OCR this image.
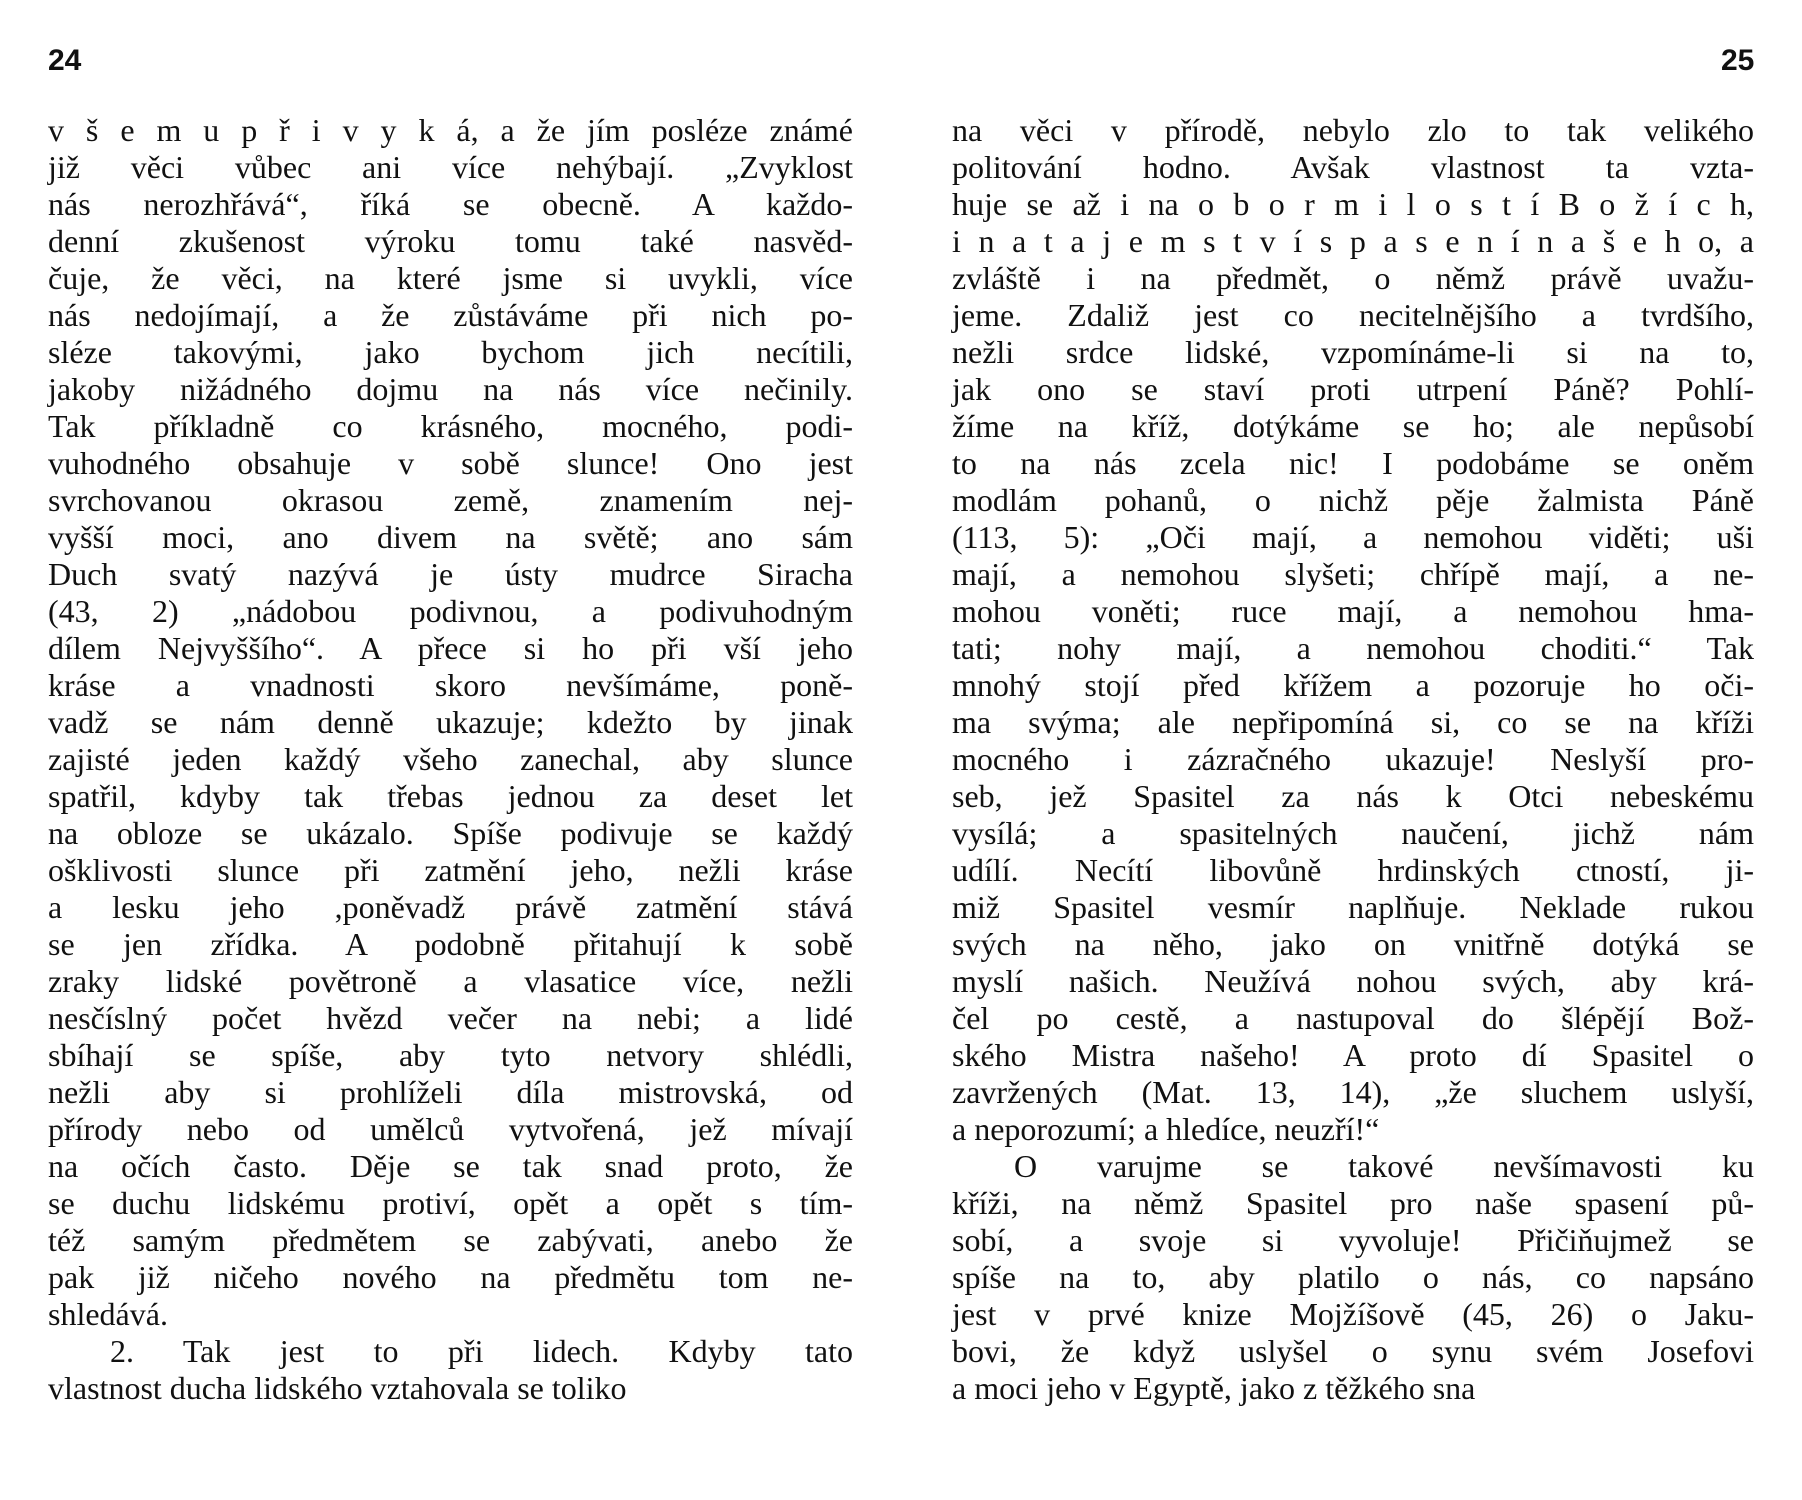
24	25
v š e m u p ř i v y k á, a že jím posléze známé
již věci vůbec ani více nehýbají. „Zvyklost
nás nerozhřává“, říká se obecně. A každo-
denní zkušenost výroku tomu také nasvěd-
čuje, že věci, na které jsme si uvykli, více
nás nedojímají, a že zůstáváme při nich po-
sléze takovými, jako bychom jich necítili,
jakoby nižádného dojmu na nás více nečinily.
Tak příkladně co krásného, mocného, podi-
vuhodného obsahuje v sobě slunce! Ono jest
svrchovanou okrasou země, znamením nej-
vyšší moci, ano divem na světě; ano sám
Duch svatý nazývá je ústy mudrce Siracha
(43, 2) „nádobou podivnou, a podivuhodným
dílem Nejvyššího“. A přece si ho při vší jeho
kráse a vnadnosti skoro nevšímáme, poně-
vadž se nám denně ukazuje; kdežto by jinak
zajisté jeden každý všeho zanechal, aby slunce
spatřil, kdyby tak třebas jednou za deset let
na obloze se ukázalo. Spíše podivuje se každý
ošklivosti slunce při zatmění jeho, nežli kráse
a lesku jeho ,poněvadž právě zatmění stává
se jen zřídka. A podobně přitahují k sobě
zraky lidské povětroně a vlasatice více, nežli
nesčíslný počet hvězd večer na nebi; a lidé
sbíhají se spíše, aby tyto netvory shlédli,
nežli aby si prohlíželi díla mistrovská, od
přírody nebo od umělců vytvořená, jež mívají
na očích často. Děje se tak snad proto, že
se duchu lidskému protiví, opět a opět s tím-
též samým předmětem se zabývati, anebo že
pak již ničeho nového na předmětu tom ne-
shledává.
2. Tak jest to při lidech. Kdyby tato
vlastnost ducha lidského vztahovala se toliko
na věci v přírodě, nebylo zlo to tak velikého
politování hodno. Avšak vlastnost ta vzta-
huje se až i na o b o r m i l o s t í B o ž í c h,
i n a t a j e m s t v í s p a s e n í n a š e h o, a
zvláště i na předmět, o němž právě uvažu-
jeme. Zdaliž jest co necitelnějšího a tvrdšího,
nežli srdce lidské, vzpomínáme-li si na to,
jak ono se staví proti utrpení Páně? Pohlí-
žíme na kříž, dotýkáme se ho; ale nepůsobí
to na nás zcela nic! I podobáme se oněm
modlám pohanů, o nichž pěje žalmista Páně
(113, 5): „Oči mají, a nemohou viděti; uši
mají, a nemohou slyšeti; chřípě mají, a ne-
mohou voněti; ruce mají, a nemohou hma-
tati; nohy mají, a nemohou choditi.“ Tak
mnohý stojí před křížem a pozoruje ho oči-
ma svýma; ale nepřipomíná si, co se na kříži
mocného i zázračného ukazuje! Neslyší pro-
seb, jež Spasitel za nás k Otci nebeskému
vysílá; a spasitelných naučení, jichž nám
udílí. Necítí libovůně hrdinských ctností, ji-
miž Spasitel vesmír naplňuje. Neklade rukou
svých na něho, jako on vnitřně dotýká se
myslí našich. Neužívá nohou svých, aby krá-
čel po cestě, a nastupoval do šlépějí Bož-
ského Mistra našeho! A proto dí Spasitel o
zavržených (Mat. 13, 14), „že sluchem uslyší,
a neporozumí; a hledíce, neuzří!“
O varujme se takové nevšímavosti ku
kříži, na němž Spasitel pro naše spasení pů-
sobí, a svoje si vyvoluje! Přičiňujmež se
spíše na to, aby platilo o nás, co napsáno
jest v prvé knize Mojžíšově (45, 26) o Jaku-
bovi, že když uslyšel o synu svém Josefovi
a moci jeho v Egyptě, jako z těžkého sna
